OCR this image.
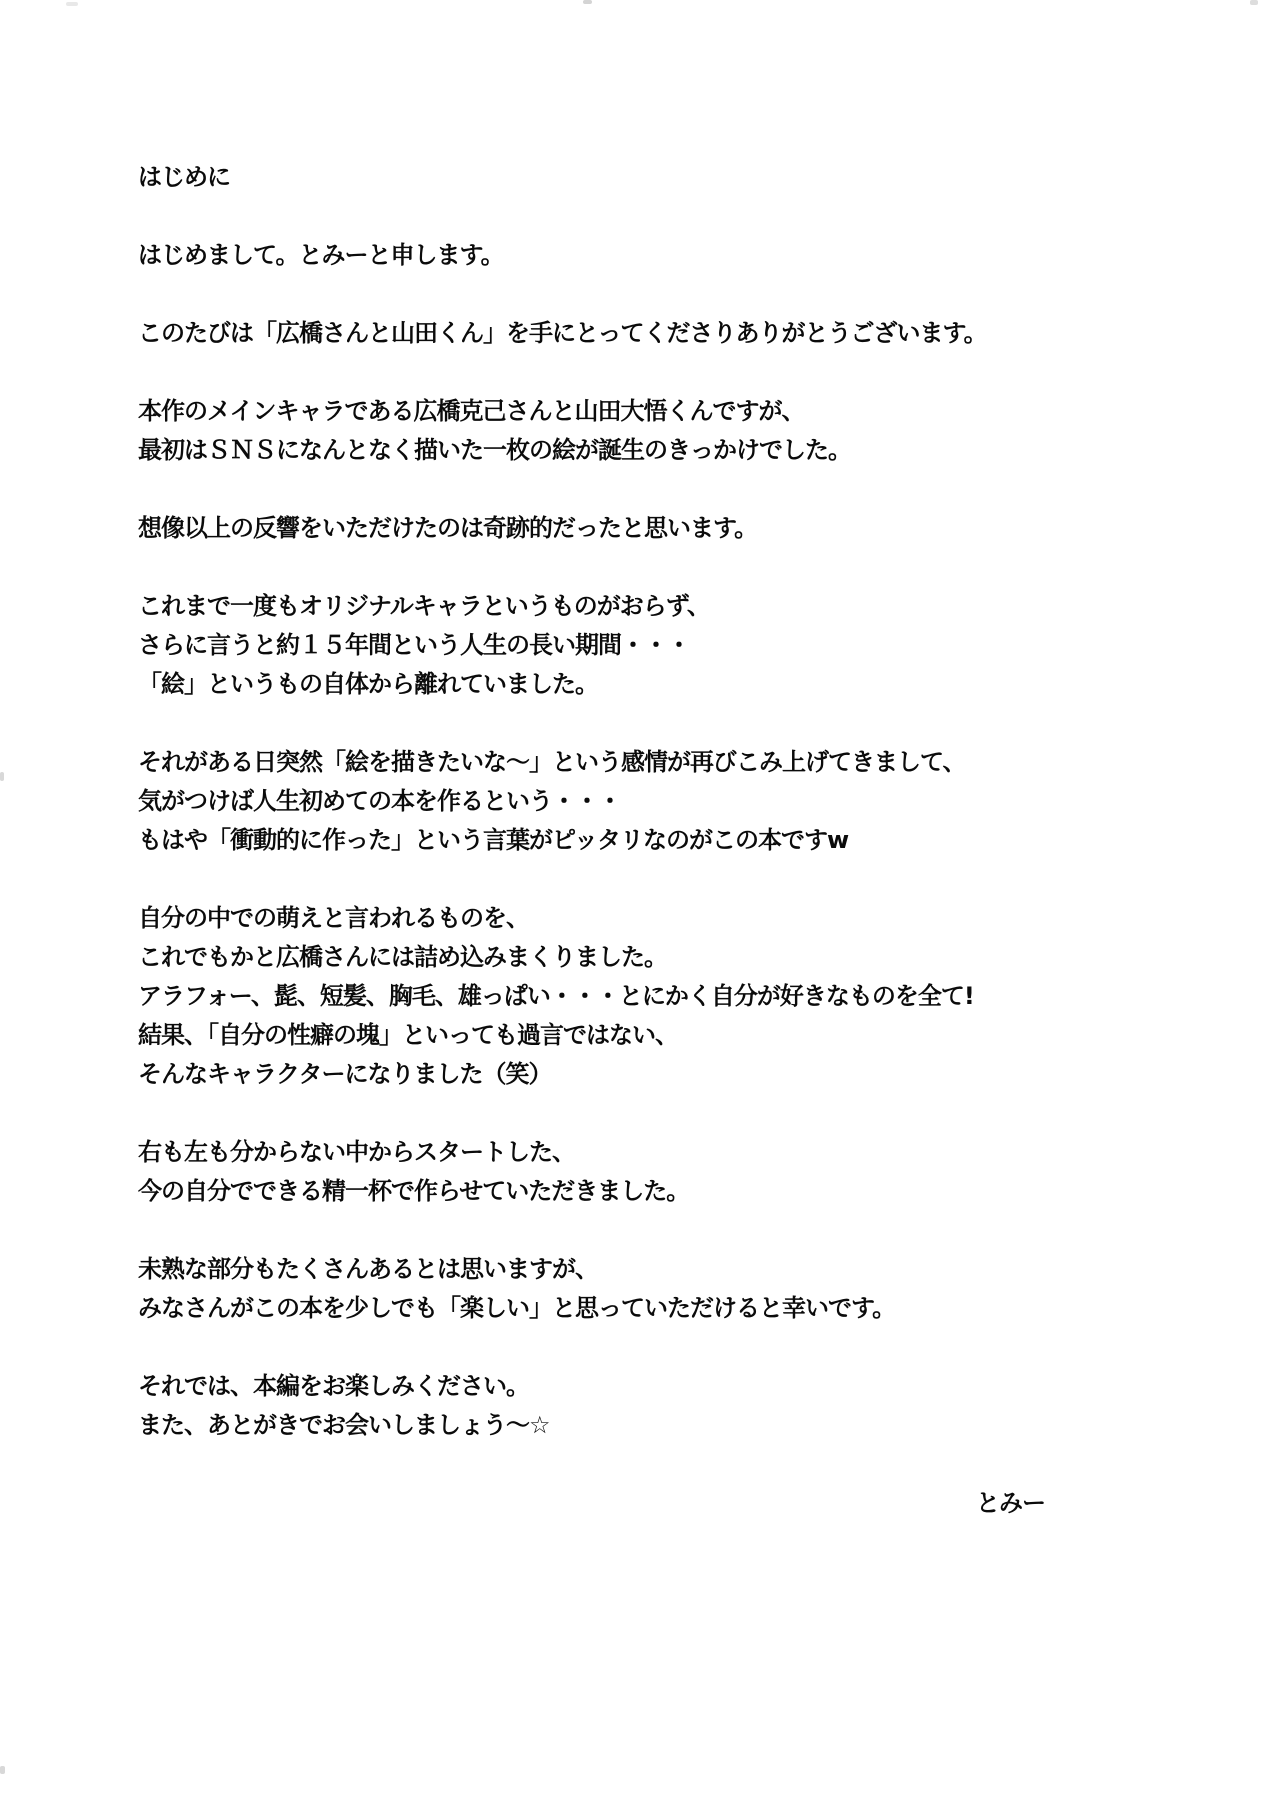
はじめに

はじめまして。とみーと申します。

このたびは「広橋さんと山田くん」を手にとってくださりありがとうございます。

本作のメインキャラである広橋克己さんと山田大悟くんですが、
最初はＳＮＳになんとなく描いた一枚の絵が誕生のきっかけでした。

想像以上の反響をいただけたのは奇跡的だったと思います。

これまで一度もオリジナルキャラというものがおらず、
さらに言うと約１５年間という人生の長い期間・・・
「絵」というもの自体から離れていました。

それがある日突然「絵を描きたいな〜」という感情が再びこみ上げてきまして、
気がつけば人生初めての本を作るという・・・
もはや「衝動的に作った」という言葉がピッタリなのがこの本ですw

自分の中での萌えと言われるものを、
これでもかと広橋さんには詰め込みまくりました。
アラフォー、髭、短髪、胸毛、雄っぱい・・・とにかく自分が好きなものを全て!
結果、「自分の性癖の塊」といっても過言ではない、
そんなキャラクターになりました（笑）

右も左も分からない中からスタートした、
今の自分でできる精一杯で作らせていただきました。

未熟な部分もたくさんあるとは思いますが、
みなさんがこの本を少しでも「楽しい」と思っていただけると幸いです。

それでは、本編をお楽しみください。
また、あとがきでお会いしましょう〜☆

とみー
